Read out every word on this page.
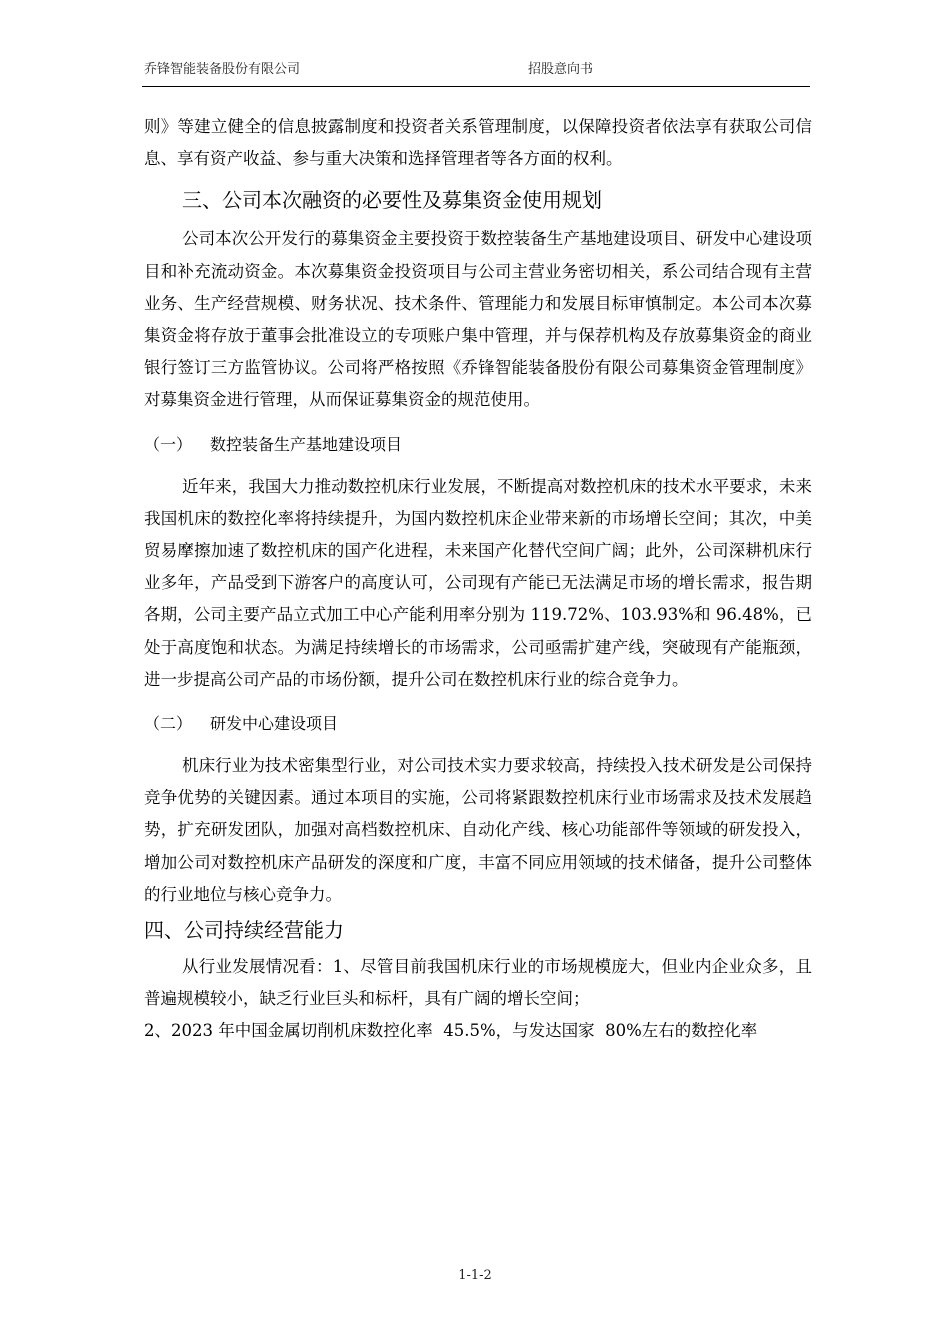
乔锋智能装备股份有限公司	招股意向书

则》等建立健全的信息披露制度和投资者关系管理制度，以保障投资者依法享有获取公司信息、享有资产收益、参与重大决策和选择管理者等各方面的权利。

三、公司本次融资的必要性及募集资金使用规划

公司本次公开发行的募集资金主要投资于数控装备生产基地建设项目、研发中心建设项目和补充流动资金。本次募集资金投资项目与公司主营业务密切相关，系公司结合现有主营业务、生产经营规模、财务状况、技术条件、管理能力和发展目标审慎制定。本公司本次募集资金将存放于董事会批准设立的专项账户集中管理，并与保荐机构及存放募集资金的商业银行签订三方监管协议。公司将严格按照《乔锋智能装备股份有限公司募集资金管理制度》对募集资金进行管理，从而保证募集资金的规范使用。

（一） 数控装备生产基地建设项目

近年来，我国大力推动数控机床行业发展，不断提高对数控机床的技术水平要求，未来我国机床的数控化率将持续提升，为国内数控机床企业带来新的市场增长空间；其次，中美贸易摩擦加速了数控机床的国产化进程，未来国产化替代空间广阔；此外，公司深耕机床行业多年，产品受到下游客户的高度认可，公司现有产能已无法满足市场的增长需求，报告期各期，公司主要产品立式加工中心产能利用率分别为 119.72%、103.93%和 96.48%，已处于高度饱和状态。为满足持续增长的市场需求，公司亟需扩建产线，突破现有产能瓶颈，进一步提高公司产品的市场份额，提升公司在数控机床行业的综合竞争力。

（二） 研发中心建设项目

机床行业为技术密集型行业，对公司技术实力要求较高，持续投入技术研发是公司保持竞争优势的关键因素。通过本项目的实施，公司将紧跟数控机床行业市场需求及技术发展趋势，扩充研发团队，加强对高档数控机床、自动化产线、核心功能部件等领域的研发投入，增加公司对数控机床产品研发的深度和广度，丰富不同应用领域的技术储备，提升公司整体的行业地位与核心竞争力。

四、公司持续经营能力

从行业发展情况看：1、尽管目前我国机床行业的市场规模庞大，但业内企业众多，且普遍规模较小，缺乏行业巨头和标杆，具有广阔的增长空间；

2、2023 年中国金属切削机床数控化率  45.5%，与发达国家  80%左右的数控化率

1-1-2
